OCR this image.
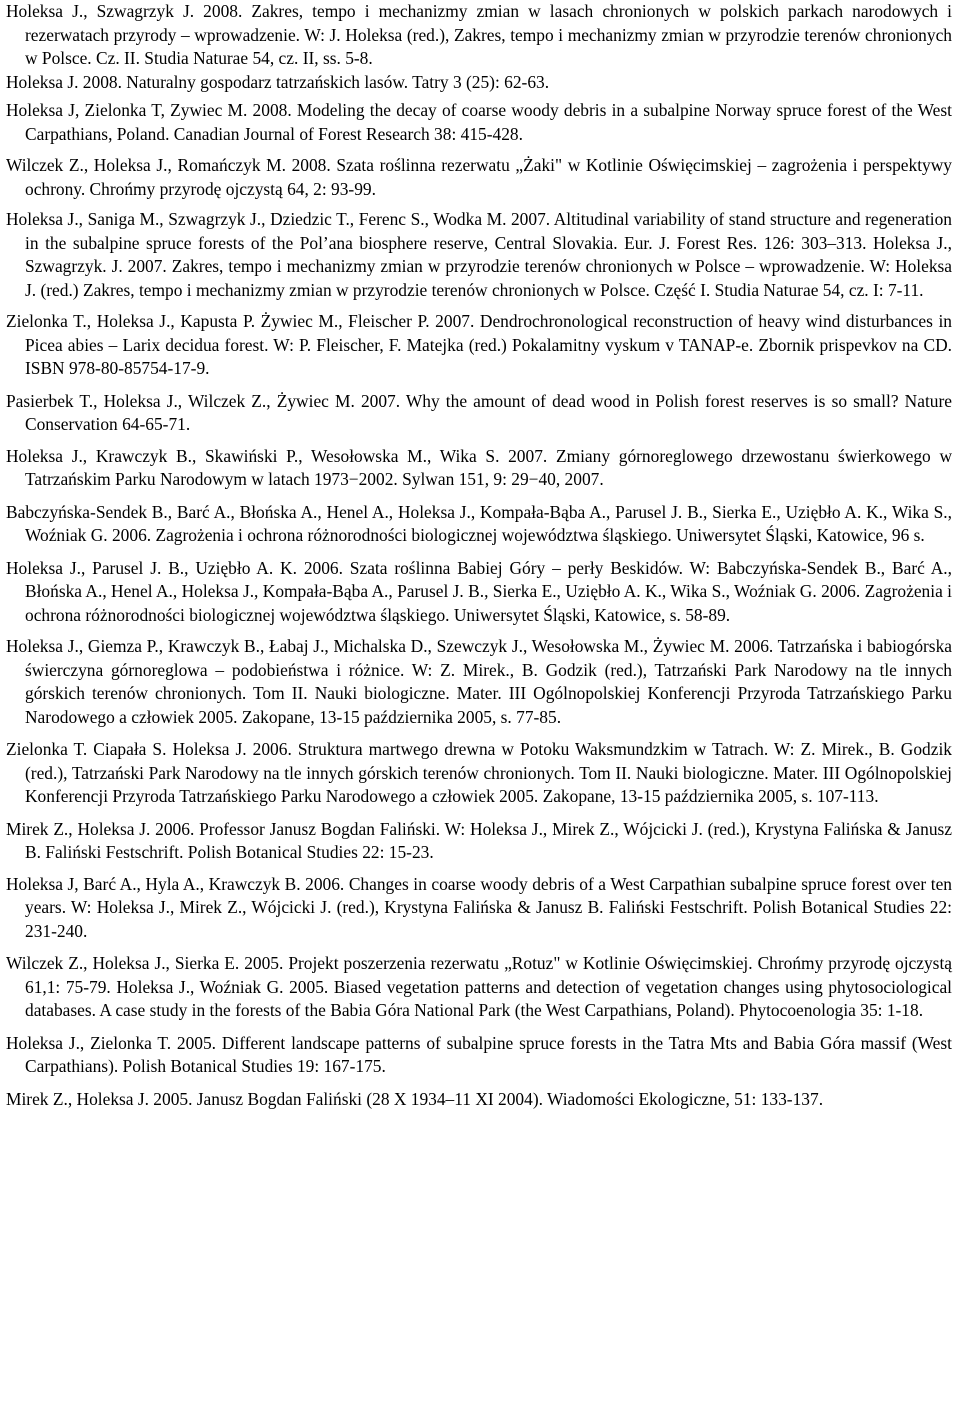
Holeksa J., Szwagrzyk J. 2008. Zakres, tempo i mechanizmy zmian w lasach chronionych w polskich parkach narodowych i rezerwatach przyrody – wprowadzenie. W: J. Holeksa (red.), Zakres, tempo i mechanizmy zmian w przyrodzie terenów chronionych w Polsce. Cz. II. Studia Naturae 54, cz. II, ss. 5-8.
Holeksa J. 2008. Naturalny gospodarz tatrzańskich lasów. Tatry 3 (25): 62-63.
Holeksa J, Zielonka T, Zywiec M. 2008. Modeling the decay of coarse woody debris in a subalpine Norway spruce forest of the West Carpathians, Poland. Canadian Journal of Forest Research 38: 415-428.
Wilczek Z., Holeksa J., Romańczyk M. 2008. Szata roślinna rezerwatu „Żaki" w Kotlinie Oświęcimskiej – zagrożenia i perspektywy ochrony. Chrońmy przyrodę ojczystą 64, 2: 93-99.
Holeksa J., Saniga M., Szwagrzyk J., Dziedzic T., Ferenc S., Wodka M. 2007. Altitudinal variability of stand structure and regeneration in the subalpine spruce forests of the Pol’ana biosphere reserve, Central Slovakia. Eur. J. Forest Res. 126: 303–313. Holeksa J., Szwagrzyk. J. 2007. Zakres, tempo i mechanizmy zmian w przyrodzie terenów chronionych w Polsce – wprowadzenie. W: Holeksa J. (red.) Zakres, tempo i mechanizmy zmian w przyrodzie terenów chronionych w Polsce. Część I. Studia Naturae 54, cz. I: 7-11.
Zielonka T., Holeksa J., Kapusta P. Żywiec M., Fleischer P. 2007. Dendrochronological reconstruction of heavy wind disturbances in Picea abies – Larix decidua forest. W: P. Fleischer, F. Matejka (red.) Pokalamitny vyskum v TANAP-e. Zbornik prispevkov na CD. ISBN 978-80-85754-17-9.
Pasierbek T., Holeksa J., Wilczek Z., Żywiec M. 2007. Why the amount of dead wood in Polish forest reserves is so small? Nature Conservation 64-65-71.
Holeksa J., Krawczyk B., Skawiński P., Wesołowska M., Wika S. 2007. Zmiany górnoreglowego drzewostanu świerkowego w Tatrzańskim Parku Narodowym w latach 1973−2002. Sylwan 151, 9: 29−40, 2007.
Babczyńska-Sendek B., Barć A., Błońska A., Henel A., Holeksa J., Kompała-Bąba A., Parusel J. B., Sierka E., Uziębło A. K., Wika S., Woźniak G. 2006. Zagrożenia i ochrona różnorodności biologicznej województwa śląskiego. Uniwersytet Śląski, Katowice, 96 s.
Holeksa J., Parusel J. B., Uziębło A. K. 2006. Szata roślinna Babiej Góry – perły Beskidów. W: Babczyńska-Sendek B., Barć A., Błońska A., Henel A., Holeksa J., Kompała-Bąba A., Parusel J. B., Sierka E., Uziębło A. K., Wika S., Woźniak G. 2006. Zagrożenia i ochrona różnorodności biologicznej województwa śląskiego. Uniwersytet Śląski, Katowice, s. 58-89.
Holeksa J., Giemza P., Krawczyk B., Łabaj J., Michalska D., Szewczyk J., Wesołowska M., Żywiec M. 2006. Tatrzańska i babiogórska świerczyna górnoreglowa – podobieństwa i różnice. W: Z. Mirek., B. Godzik (red.), Tatrzański Park Narodowy na tle innych górskich terenów chronionych. Tom II. Nauki biologiczne. Mater. III Ogólnopolskiej Konferencji Przyroda Tatrzańskiego Parku Narodowego a człowiek 2005. Zakopane, 13-15 października 2005, s. 77-85.
Zielonka T. Ciapała S. Holeksa J. 2006. Struktura martwego drewna w Potoku Waksmundzkim w Tatrach. W: Z. Mirek., B. Godzik (red.), Tatrzański Park Narodowy na tle innych górskich terenów chronionych. Tom II. Nauki biologiczne. Mater. III Ogólnopolskiej Konferencji Przyroda Tatrzańskiego Parku Narodowego a człowiek 2005. Zakopane, 13-15 października 2005, s. 107-113.
Mirek Z., Holeksa J. 2006. Professor Janusz Bogdan Faliński. W: Holeksa J., Mirek Z., Wójcicki J. (red.), Krystyna Falińska & Janusz B. Faliński Festschrift. Polish Botanical Studies 22: 15-23.
Holeksa J, Barć A., Hyla A., Krawczyk B. 2006. Changes in coarse woody debris of a West Carpathian subalpine spruce forest over ten years. W: Holeksa J., Mirek Z., Wójcicki J. (red.), Krystyna Falińska & Janusz B. Faliński Festschrift. Polish Botanical Studies 22: 231-240.
Wilczek Z., Holeksa J., Sierka E. 2005. Projekt poszerzenia rezerwatu „Rotuz" w Kotlinie Oświęcimskiej. Chrońmy przyrodę ojczystą 61,1: 75-79. Holeksa J., Woźniak G. 2005. Biased vegetation patterns and detection of vegetation changes using phytosociological databases. A case study in the forests of the Babia Góra National Park (the West Carpathians, Poland). Phytocoenologia 35: 1-18.
Holeksa J., Zielonka T. 2005. Different landscape patterns of subalpine spruce forests in the Tatra Mts and Babia Góra massif (West Carpathians). Polish Botanical Studies 19: 167-175.
Mirek Z., Holeksa J. 2005. Janusz Bogdan Faliński (28 X 1934–11 XI 2004). Wiadomości Ekologiczne, 51: 133-137.
